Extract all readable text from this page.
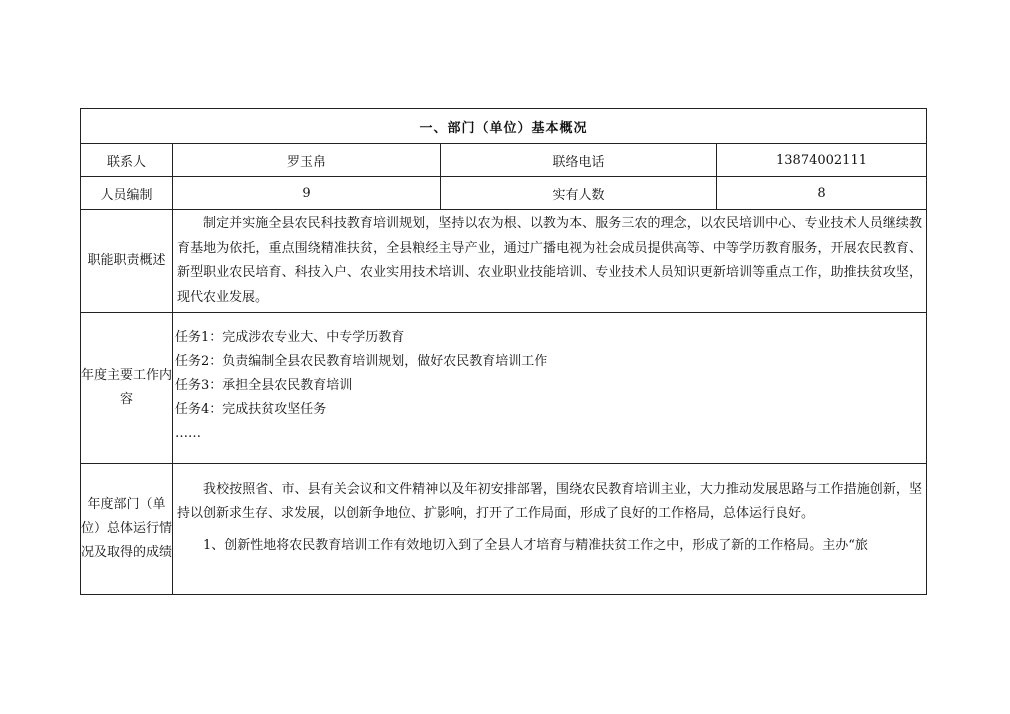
一、部门（单位）基本概况			
联系人	罗玉帛	联络电话	13874002111
人员编制	9	实有人数	8
职能职责概述	制定并实施全县农民科技教育培训规划，坚持以农为根、以教为本、服务三农的理念，以农民培训中心、专业技术人员继续教育基地为依托，重点围绕精准扶贫，全县粮经主导产业，通过广播电视为社会成员提供高等、中等学历教育服务，开展农民教育、新型职业农民培育、科技入户、农业实用技术培训、农业职业技能培训、专业技术人员知识更新培训等重点工作，助推扶贫攻坚，现代农业发展。		

年度主要工作内容	任务1：完成涉农专业大、中专学历教育
任务2：负责编制全县农民教育培训规划，做好农民教育培训工作
任务3：承担全县农民教育培训
任务4：完成扶贫攻坚任务
……		

年度部门（单位）总体运行情况及取得的成绩	我校按照省、市、县有关会议和文件精神以及年初安排部署，围绕农民教育培训主业，大力推动发展思路与工作措施创新，坚持以创新求生存、求发展，以创新争地位、扩影响，打开了工作局面，形成了良好的工作格局，总体运行良好。

1、创新性地将农民教育培训工作有效地切入到了全县人才培育与精准扶贫工作之中，形成了新的工作格局。主办“旅		
